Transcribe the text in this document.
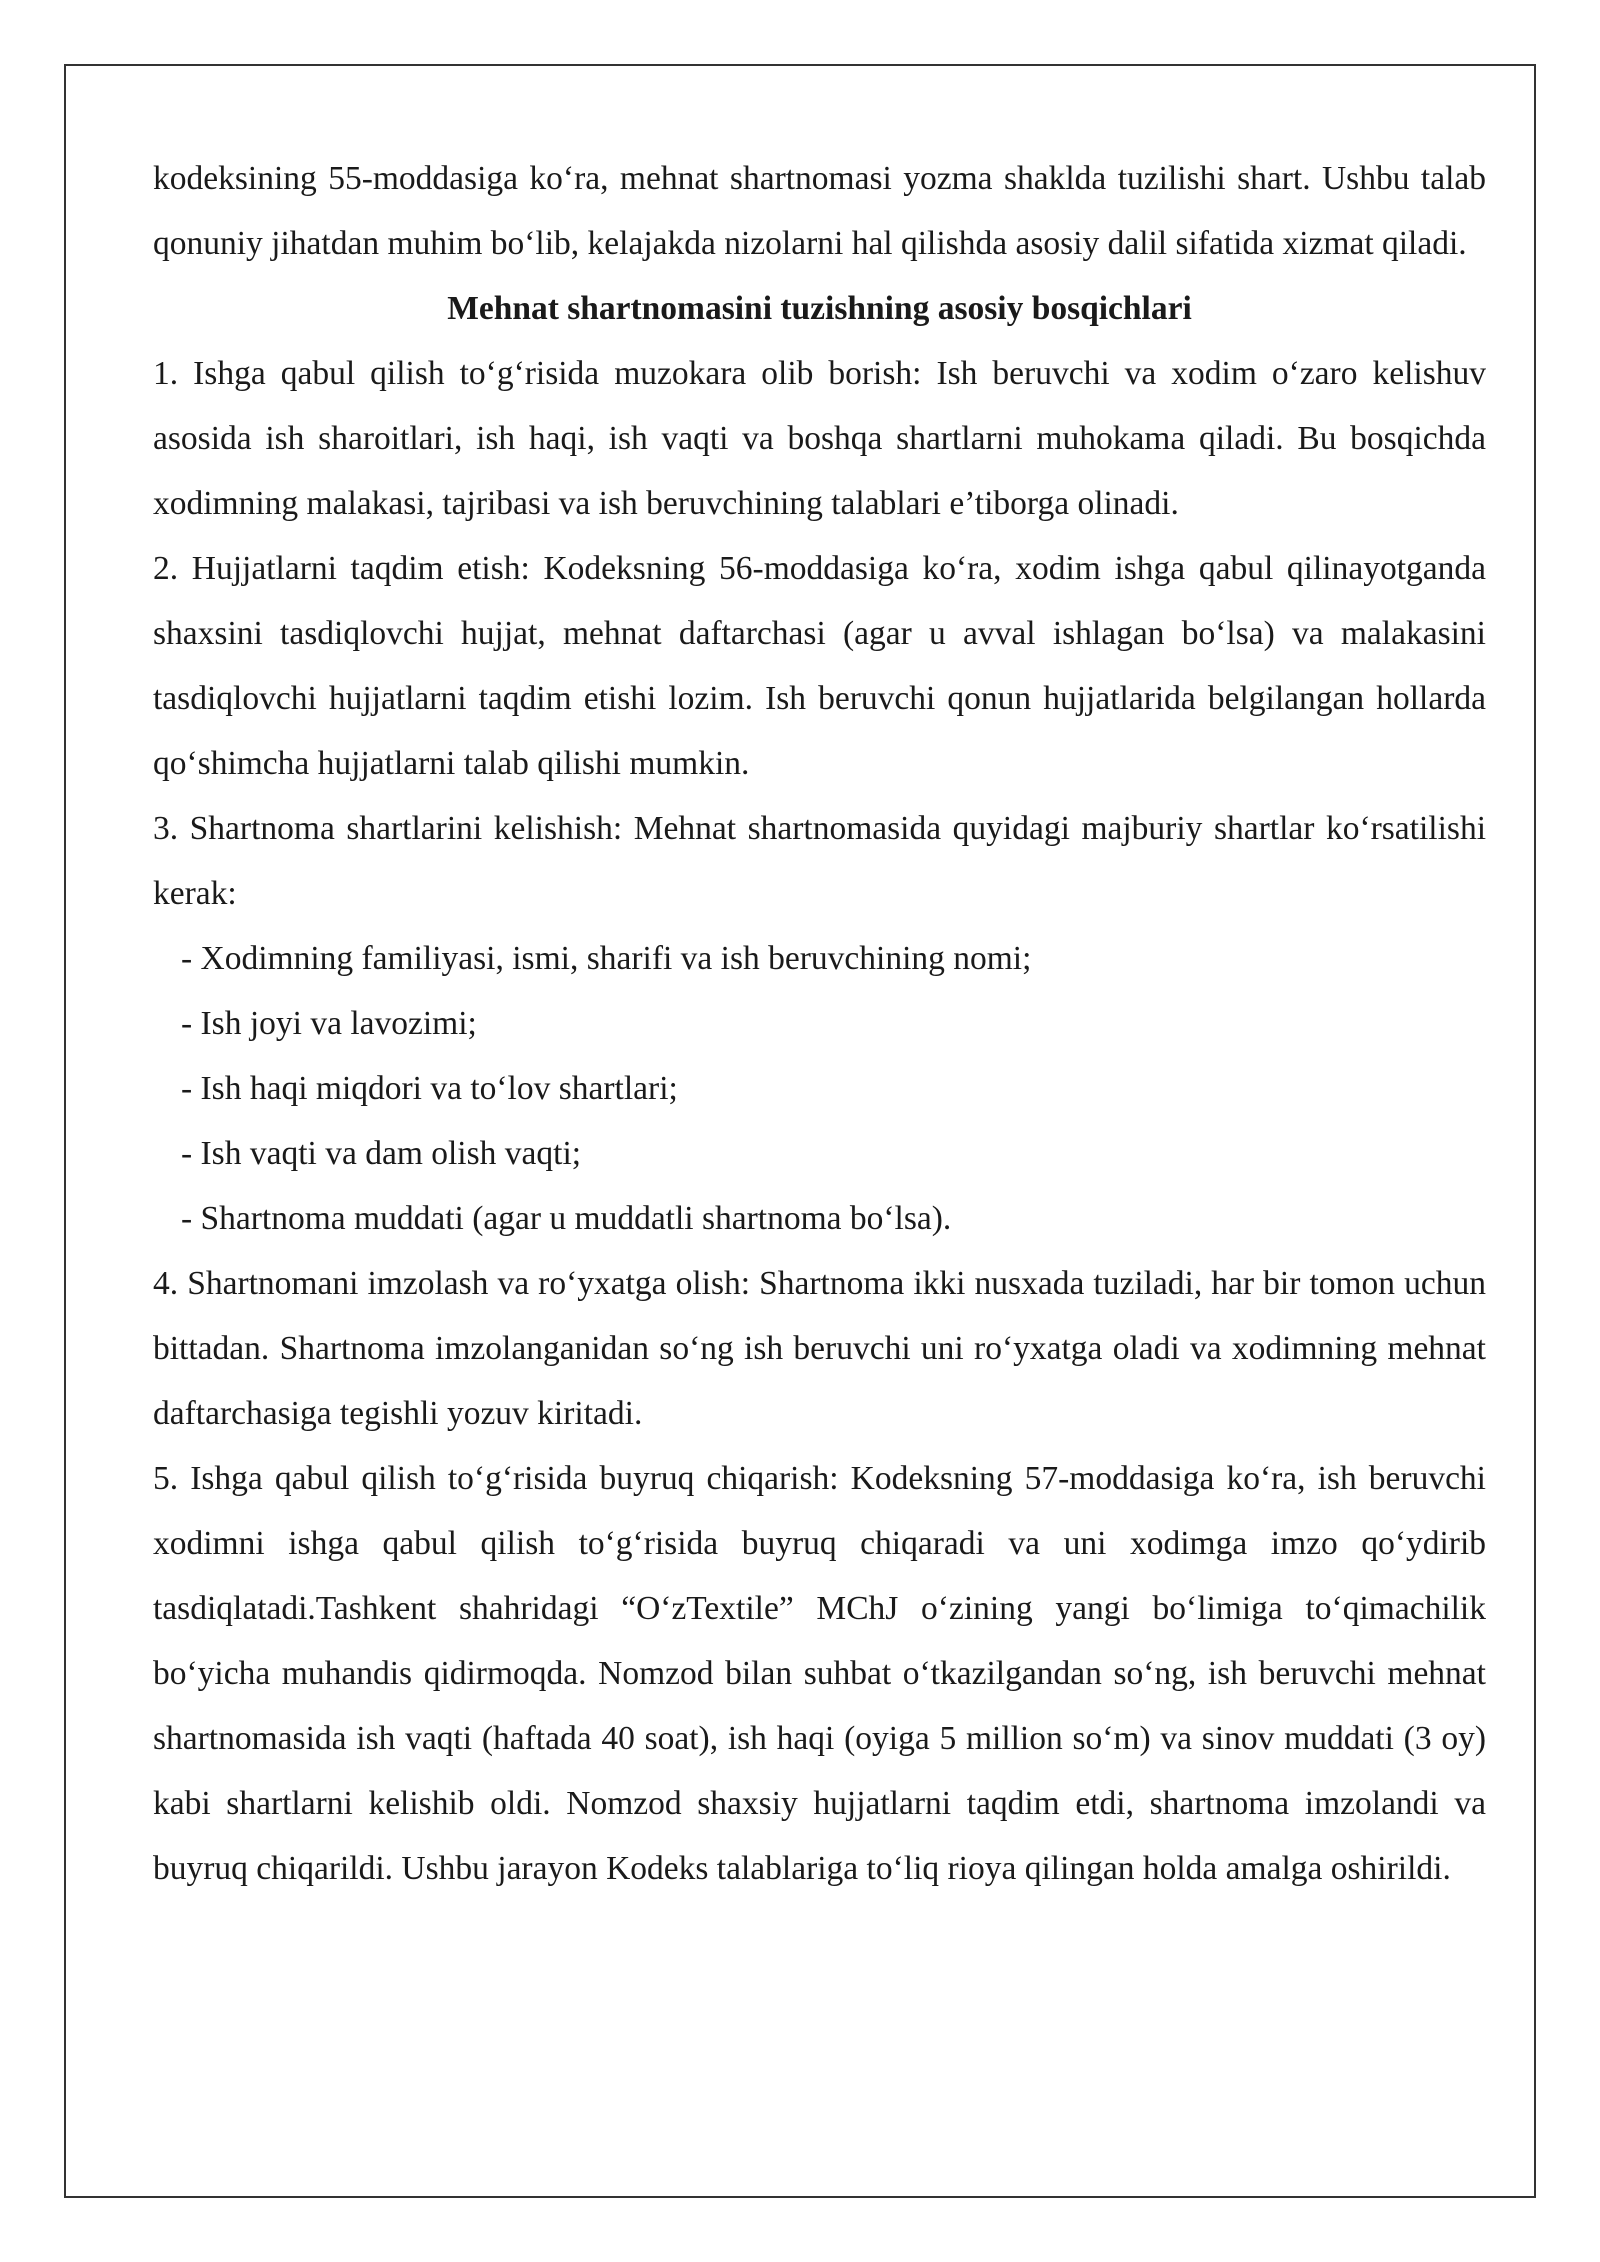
kodeksining 55-moddasiga ko‘ra, mehnat shartnomasi yozma shaklda tuzilishi shart. Ushbu talab qonuniy jihatdan muhim bo‘lib, kelajakda nizolarni hal qilishda asosiy dalil sifatida xizmat qiladi.

Mehnat shartnomasini tuzishning asosiy bosqichlari

1. Ishga qabul qilish to‘g‘risida muzokara olib borish: Ish beruvchi va xodim o‘zaro kelishuv asosida ish sharoitlari, ish haqi, ish vaqti va boshqa shartlarni muhokama qiladi. Bu bosqichda xodimning malakasi, tajribasi va ish beruvchining talablari e’tiborga olinadi.

2. Hujjatlarni taqdim etish: Kodeksning 56-moddasiga ko‘ra, xodim ishga qabul qilinayotganda shaxsini tasdiqlovchi hujjat, mehnat daftarchasi (agar u avval ishlagan bo‘lsa) va malakasini tasdiqlovchi hujjatlarni taqdim etishi lozim. Ish beruvchi qonun hujjatlarida belgilangan hollarda qo‘shimcha hujjatlarni talab qilishi mumkin.

3. Shartnoma shartlarini kelishish: Mehnat shartnomasida quyidagi majburiy shartlar ko‘rsatilishi kerak:

- Xodimning familiyasi, ismi, sharifi va ish beruvchining nomi;

- Ish joyi va lavozimi;

- Ish haqi miqdori va to‘lov shartlari;

- Ish vaqti va dam olish vaqti;

- Shartnoma muddati (agar u muddatli shartnoma bo‘lsa).

4. Shartnomani imzolash va ro‘yxatga olish: Shartnoma ikki nusxada tuziladi, har bir tomon uchun bittadan. Shartnoma imzolanganidan so‘ng ish beruvchi uni ro‘yxatga oladi va xodimning mehnat daftarchasiga tegishli yozuv kiritadi.

5. Ishga qabul qilish to‘g‘risida buyruq chiqarish: Kodeksning 57-moddasiga ko‘ra, ish beruvchi xodimni ishga qabul qilish to‘g‘risida buyruq chiqaradi va uni xodimga imzo qo‘ydirib tasdiqlatadi.Tashkent shahridagi “O‘zTextile” MChJ o‘zining yangi bo‘limiga to‘qimachilik bo‘yicha muhandis qidirmoqda. Nomzod bilan suhbat o‘tkazilgandan so‘ng, ish beruvchi mehnat shartnomasida ish vaqti (haftada 40 soat), ish haqi (oyiga 5 million so‘m) va sinov muddati (3 oy) kabi shartlarni kelishib oldi. Nomzod shaxsiy hujjatlarni taqdim etdi, shartnoma imzolandi va buyruq chiqarildi. Ushbu jarayon Kodeks talablariga to‘liq rioya qilingan holda amalga oshirildi.
